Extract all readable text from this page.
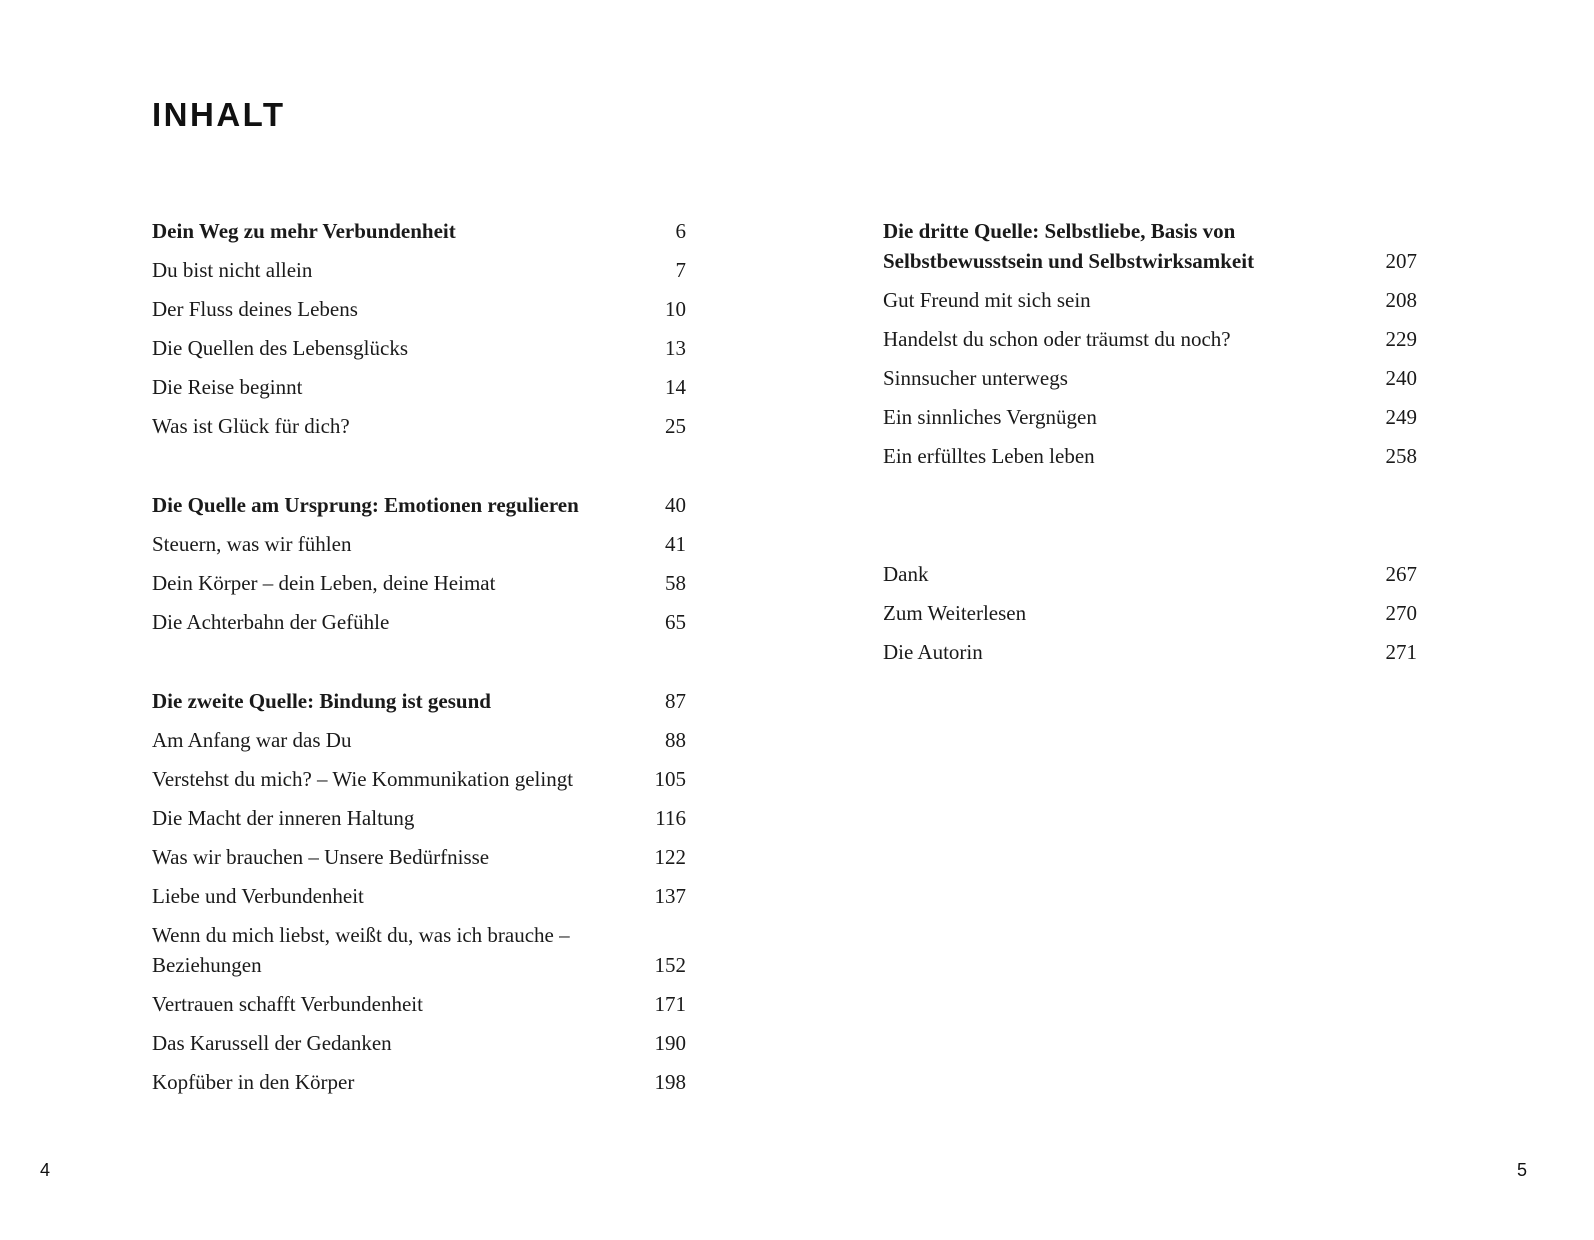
INHALT
Dein Weg zu mehr Verbundenheit	6
Du bist nicht allein	7
Der Fluss deines Lebens	10
Die Quellen des Lebensglücks	13
Die Reise beginnt	14
Was ist Glück für dich?	25
Die Quelle am Ursprung: Emotionen regulieren	40
Steuern, was wir fühlen	41
Dein Körper – dein Leben, deine Heimat	58
Die Achterbahn der Gefühle	65
Die zweite Quelle: Bindung ist gesund	87
Am Anfang war das Du	88
Verstehst du mich? – Wie Kommunikation gelingt	105
Die Macht der inneren Haltung	116
Was wir brauchen – Unsere Bedürfnisse	122
Liebe und Verbundenheit	137
Wenn du mich liebst, weißt du, was ich brauche – Beziehungen	152
Vertrauen schafft Verbundenheit	171
Das Karussell der Gedanken	190
Kopfüber in den Körper	198
Die dritte Quelle: Selbstliebe, Basis von Selbstbewusstsein und Selbstwirksamkeit	207
Gut Freund mit sich sein	208
Handelst du schon oder träumst du noch?	229
Sinnsucher unterwegs	240
Ein sinnliches Vergnügen	249
Ein erfülltes Leben leben	258
Dank	267
Zum Weiterlesen	270
Die Autorin	271
4	5
